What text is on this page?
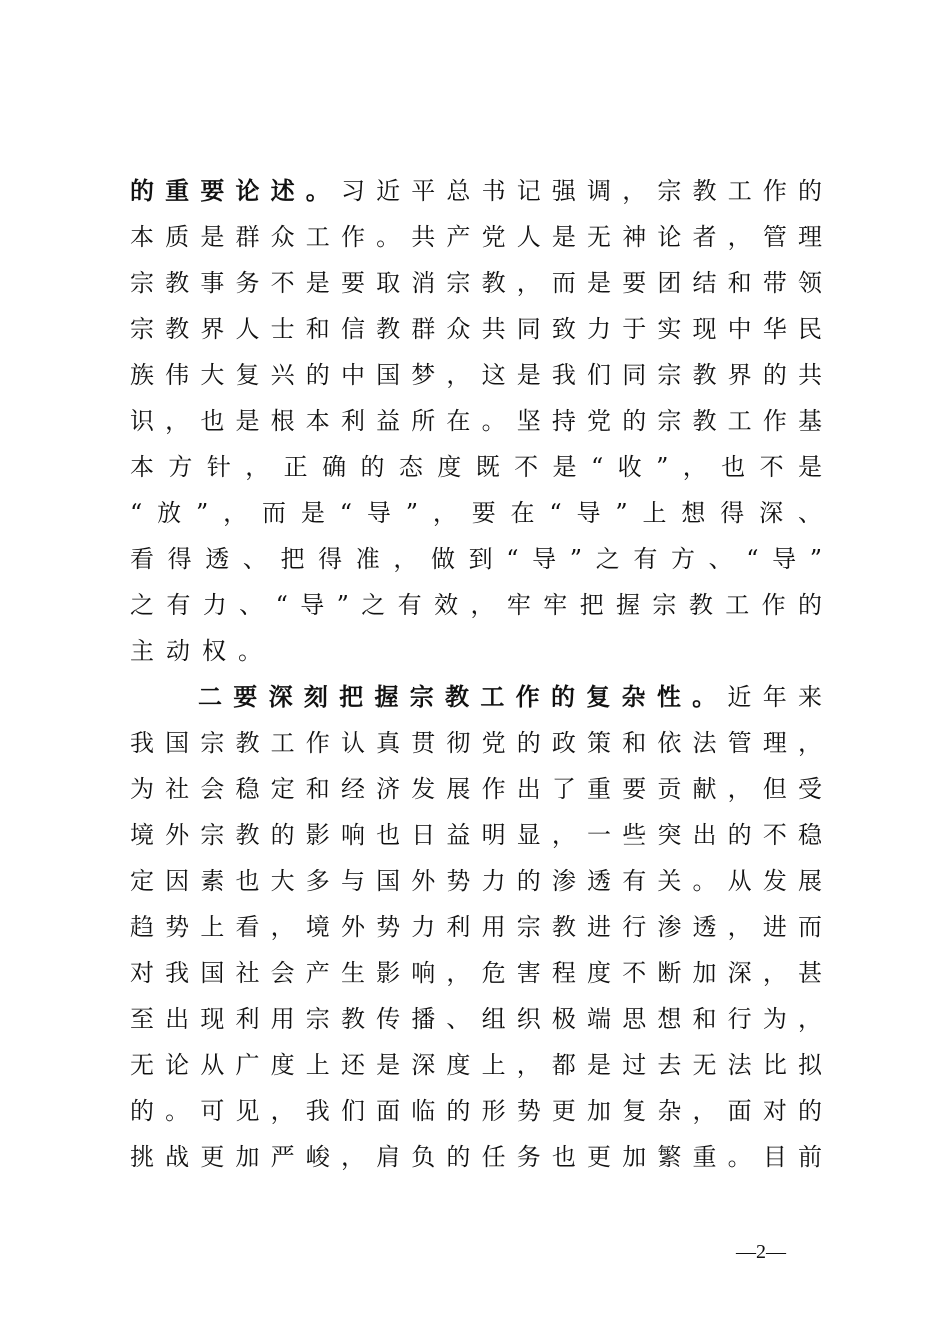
的重要论述。习近平总书记强调，宗教工作的
本质是群众工作。共产党人是无神论者，管理
宗教事务不是要取消宗教，而是要团结和带领
宗教界人士和信教群众共同致力于实现中华民
族伟大复兴的中国梦，这是我们同宗教界的共
识，也是根本利益所在。坚持党的宗教工作基
本方针，正确的态度既不是“收”，也不是
“放”，而是“导”，要在“导”上想得深、
看得透、把得准，做到“导”之有方、“导”
之有力、“导”之有效，牢牢把握宗教工作的
主动权。
二要深刻把握宗教工作的复杂性。近年来
我国宗教工作认真贯彻党的政策和依法管理，
为社会稳定和经济发展作出了重要贡献，但受
境外宗教的影响也日益明显，一些突出的不稳
定因素也大多与国外势力的渗透有关。从发展
趋势上看，境外势力利用宗教进行渗透，进而
对我国社会产生影响，危害程度不断加深，甚
至出现利用宗教传播、组织极端思想和行为，
无论从广度上还是深度上，都是过去无法比拟
的。可见，我们面临的形势更加复杂，面对的
挑战更加严峻，肩负的任务也更加繁重。目前
—2—
